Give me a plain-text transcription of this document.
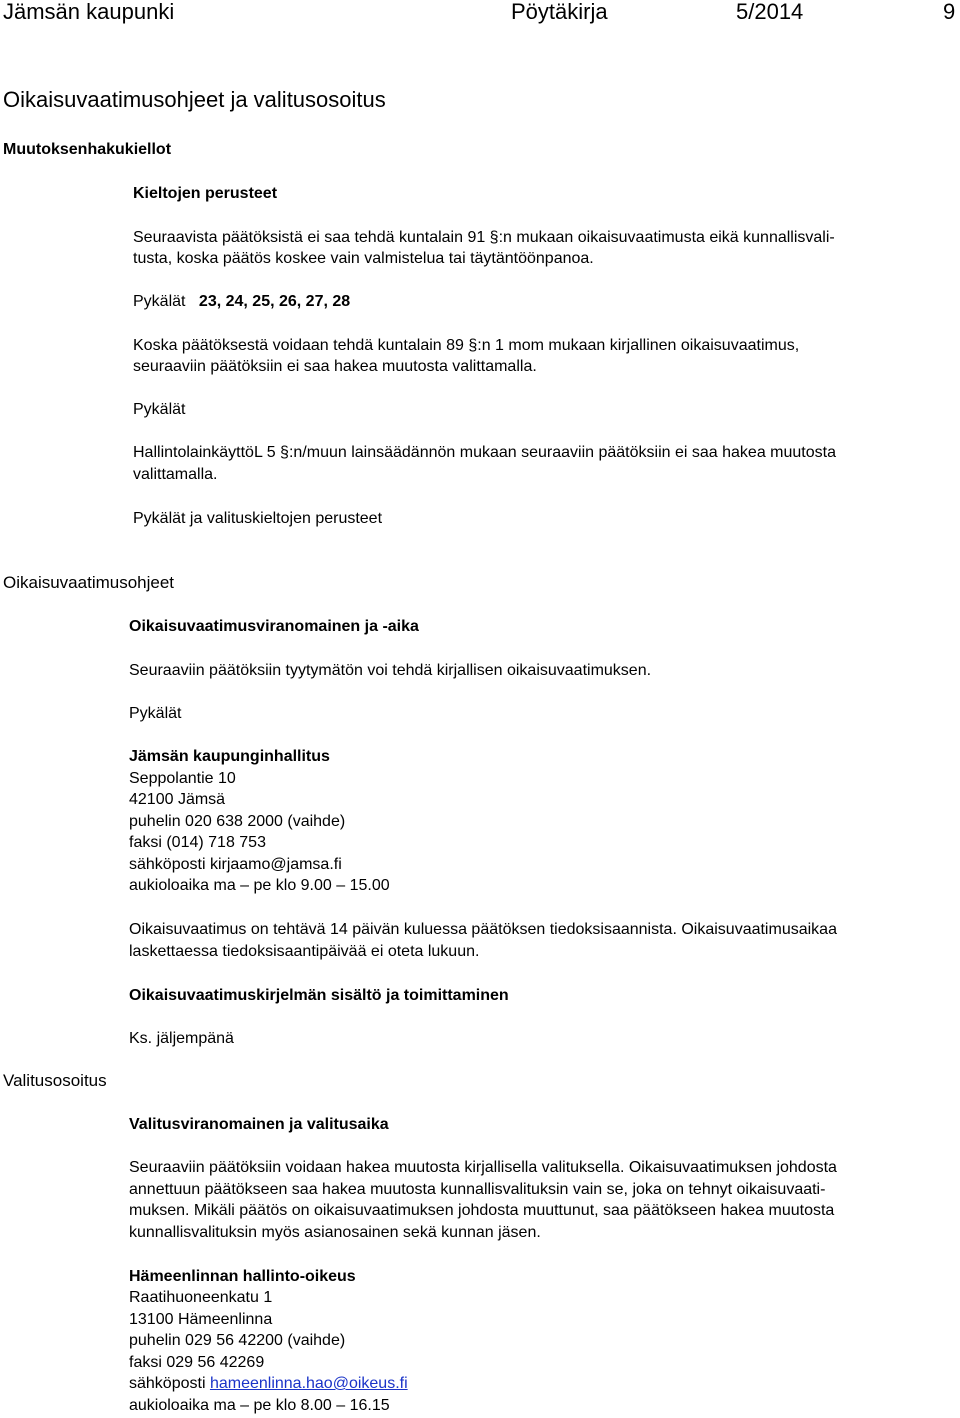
Jämsän kaupunki	Pöytäkirja	5/2014	9
Oikaisuvaatimusohjeet ja valitusosoitus
Muutoksenhakukiellot
Kieltojen perusteet
Seuraavista päätöksistä ei saa tehdä kuntalain 91 §:n mukaan oikaisuvaatimusta eikä kunnallisvali-
tusta, koska päätös koskee vain valmistelua tai täytäntöönpanoa.
Pykälät 23, 24, 25, 26, 27, 28
Koska päätöksestä voidaan tehdä kuntalain 89 §:n 1 mom mukaan kirjallinen oikaisuvaatimus,
seuraaviin päätöksiin ei saa hakea muutosta valittamalla.
Pykälät
HallintolainkäyttöL 5 §:n/muun lainsäädännön mukaan seuraaviin päätöksiin ei saa hakea muutosta
valittamalla.
Pykälät ja valituskieltojen perusteet
Oikaisuvaatimusohjeet
Oikaisuvaatimusviranomainen ja -aika
Seuraaviin päätöksiin tyytymätön voi tehdä kirjallisen oikaisuvaatimuksen.
Pykälät
Jämsän kaupunginhallitus
Seppolantie 10
42100 Jämsä
puhelin 020 638 2000 (vaihde)
faksi (014) 718 753
sähköposti kirjaamo@jamsa.fi
aukioloaika ma – pe klo 9.00 – 15.00
Oikaisuvaatimus on tehtävä 14 päivän kuluessa päätöksen tiedoksisaannista. Oikaisuvaatimusaikaa
laskettaessa tiedoksisaantipäivää ei oteta lukuun.
Oikaisuvaatimuskirjelmän sisältö ja toimittaminen
Ks. jäljempänä
Valitusosoitus
Valitusviranomainen ja valitusaika
Seuraaviin päätöksiin voidaan hakea muutosta kirjallisella valituksella. Oikaisuvaatimuksen johdosta
annettuun päätökseen saa hakea muutosta kunnallisvalituksin vain se, joka on tehnyt oikaisuvaati-
muksen. Mikäli päätös on oikaisuvaatimuksen johdosta muuttunut, saa päätökseen hakea muutosta
kunnallisvalituksin myös asianosainen sekä kunnan jäsen.
Hämeenlinnan hallinto-oikeus
Raatihuoneenkatu 1
13100 Hämeenlinna
puhelin 029 56 42200 (vaihde)
faksi 029 56 42269
sähköposti hameenlinna.hao@oikeus.fi
aukioloaika ma – pe klo 8.00 – 16.15
